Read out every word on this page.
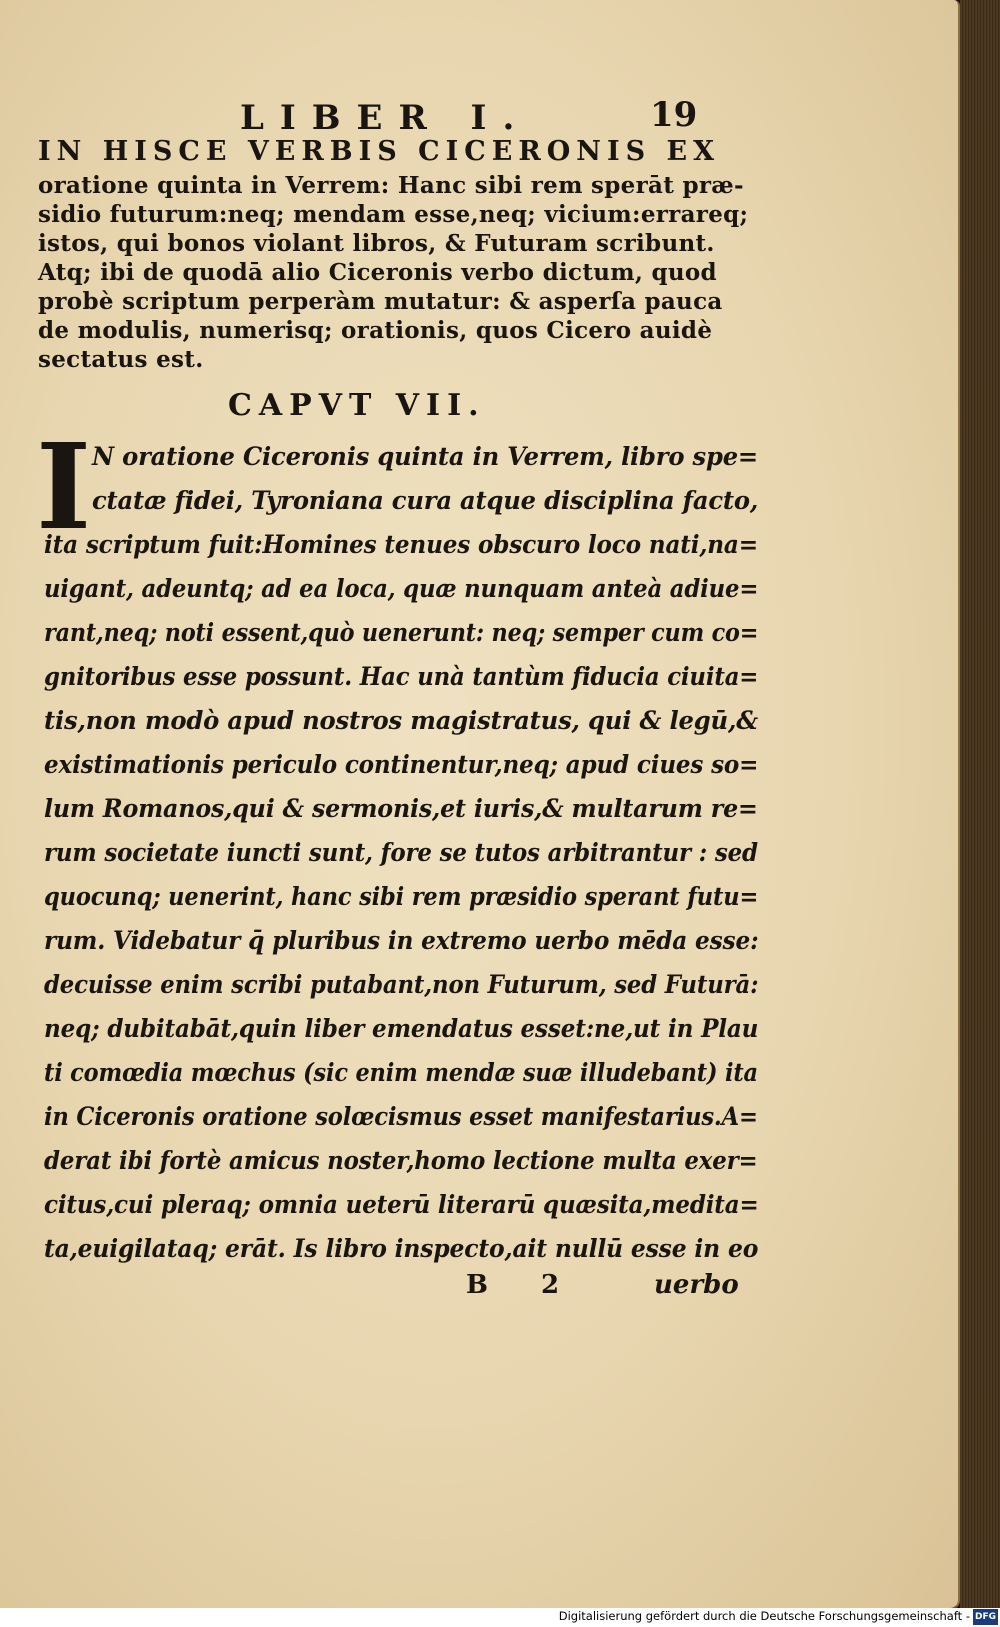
LIBER I.	19
IN HISCE VERBIS CICERONIS EX
oratione quinta in Verrem: Hanc sibi rem sperāt præ-
sidio futurum:neq; mendam esse,neq; vicium:errareq;
istos, qui bonos violant libros, & Futuram scribunt.
Atq; ibi de quodā alio Ciceronis verbo dictum, quod
probè scriptum perperàm mutatur: & asperſa pauca
de modulis, numerisq; orationis, quos Cicero auidè
sectatus est.
CAPVT VII.
I N oratione Ciceronis quinta in Verrem, libro spe=
ctatæ fidei, Tyroniana cura atque disciplina facto,
ita scriptum fuit:Homines tenues obscuro loco nati,na=
uigant, adeuntq; ad ea loca, quæ nunquam anteà adiue=
rant,neq; noti essent,quò uenerunt: neq; semper cum co=
gnitoribus esse possunt. Hac unà tantùm fiducia ciuita=
tis,non modò apud nostros magistratus, qui & legū,&
existimationis periculo continentur,neq; apud ciues so=
lum Romanos,qui & sermonis,et iuris,& multarum re=
rum societate iuncti sunt, fore se tutos arbitrantur : sed
quocunq; uenerint, hanc sibi rem præsidio sperant futu=
rum. Videbatur q̄ pluribus in extremo uerbo mēda esse:
decuisse enim scribi putabant,non Futurum, sed Futurā:
neq; dubitabāt,quin liber emendatus esset:ne,ut in Plau
ti comœdia mœchus (sic enim mendæ suæ illudebant) ita
in Ciceronis oratione solœcismus esset manifestarius.A=
derat ibi fortè amicus noster,homo lectione multa exer=
citus,cui pleraq; omnia ueterū literarū quæsita,medita=
ta,euigilataq; erāt. Is libro inspecto,ait nullū esse in eo
B 2	uerbo
Digitalisierung gefördert durch die Deutsche Forschungsgemeinschaft - DFG
